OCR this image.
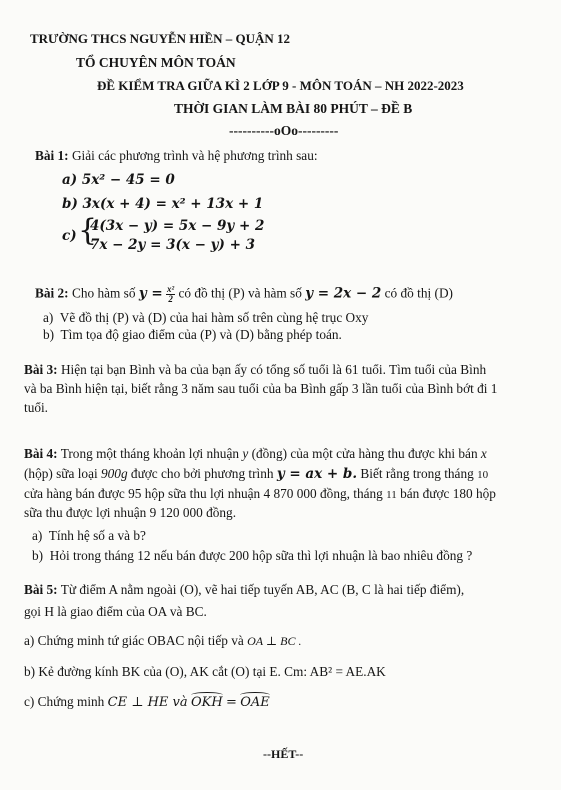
TRƯỜNG THCS NGUYỄN HIỀN – QUẬN 12
TỔ CHUYÊN MÔN TOÁN
ĐỀ KIỂM TRA GIỮA KÌ 2 LỚP 9 - MÔN TOÁN – NH 2022-2023
THỜI GIAN LÀM BÀI 80 PHÚT – ĐỀ B
----------oOo---------
Bài 1: Giải các phương trình và hệ phương trình sau:
a) 5x² − 45 = 0
b) 3x(x + 4) = x² + 13x + 1
c) {
4(3x − y) = 5x − 9y + 2
7x − 2y = 3(x − y) + 3
Bài 2: Cho hàm số $y = \frac{\text{x²}}{2}$ có đồ thị (P) và hàm số y = 2x − 2 có đồ thị (D)
a) Vẽ đồ thị (P) và (D) của hai hàm số trên cùng hệ trục Oxy
b) Tìm tọa độ giao điểm của (P) và (D) bằng phép toán.
Bài 3: Hiện tại bạn Bình và ba của bạn ấy có tổng số tuổi là 61 tuổi. Tìm tuổi của Bình
và ba Bình hiện tại, biết rằng 3 năm sau tuổi của ba Bình gấp 3 lần tuổi của Bình bớt đi 1
tuổi.
Bài 4: Trong một tháng khoản lợi nhuận y (đồng) của một cửa hàng thu được khi bán x
(hộp) sữa loại 900g được cho bởi phương trình y = ax + b. Biết rằng trong tháng 10
cửa hàng bán được 95 hộp sữa thu lợi nhuận 4 870 000 đồng, tháng 11 bán được 180 hộp
sữa thu được lợi nhuận 9 120 000 đồng.
a) Tính hệ số a và b?
b) Hỏi trong tháng 12 nếu bán được 200 hộp sữa thì lợi nhuận là bao nhiêu đồng ?
Bài 5: Từ điểm A nằm ngoài (O), vẽ hai tiếp tuyến AB, AC (B, C là hai tiếp điểm),
gọi H là giao điểm của OA và BC.
a) Chứng minh tứ giác OBAC nội tiếp và OA ⊥ BC .
b) Kẻ đường kính BK của (O), AK cắt (O) tại E. Cm: AB² = AE.AK
c) Chứng minh CE ⊥ HE và OKH = OAE
--HẾT--
